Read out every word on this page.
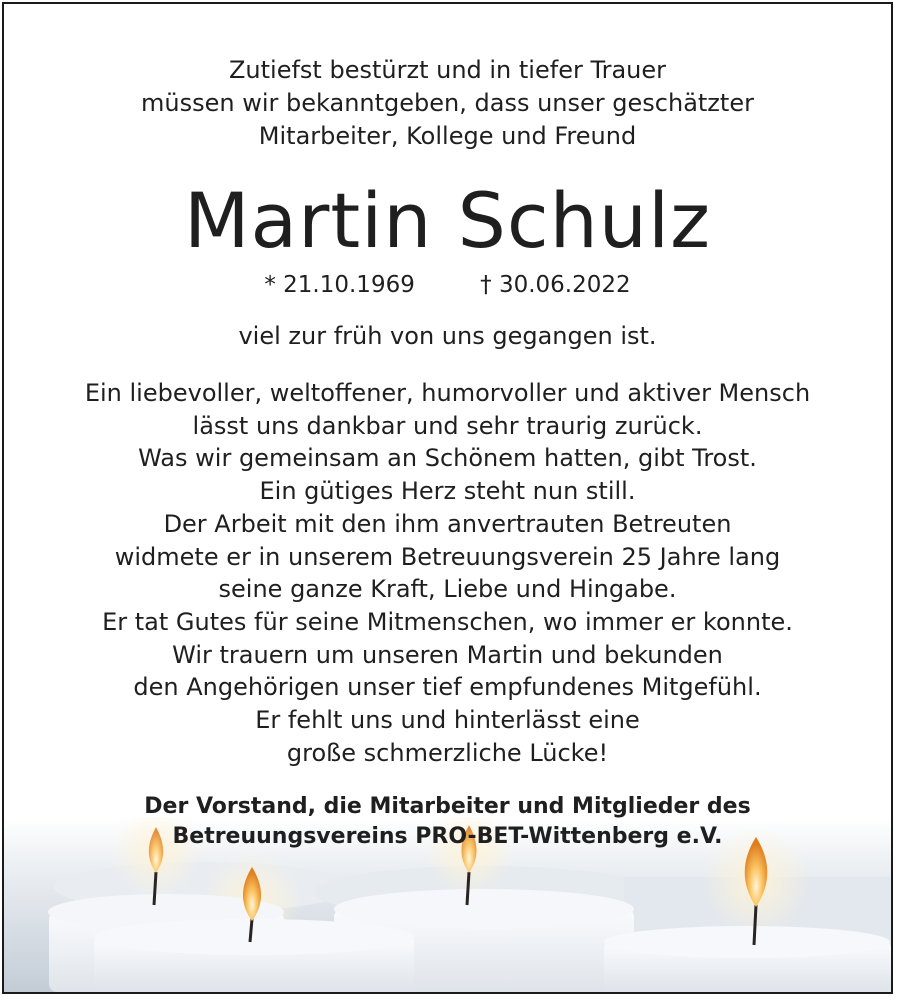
Zutiefst bestürzt und in tiefer Trauer
müssen wir bekanntgeben, dass unser geschätzter
Mitarbeiter, Kollege und Freund
Martin Schulz
* 21.10.1969	† 30.06.2022
viel zur früh von uns gegangen ist.
Ein liebevoller, weltoffener, humorvoller und aktiver Mensch
lässt uns dankbar und sehr traurig zurück.
Was wir gemeinsam an Schönem hatten, gibt Trost.
Ein gütiges Herz steht nun still.
Der Arbeit mit den ihm anvertrauten Betreuten
widmete er in unserem Betreuungsverein 25 Jahre lang
seine ganze Kraft, Liebe und Hingabe.
Er tat Gutes für seine Mitmenschen, wo immer er konnte.
Wir trauern um unseren Martin und bekunden
den Angehörigen unser tief empfundenes Mitgefühl.
Er fehlt uns und hinterlässt eine
große schmerzliche Lücke!
Der Vorstand, die Mitarbeiter und Mitglieder des
Betreuungsvereins PRO-BET-Wittenberg e.V.
